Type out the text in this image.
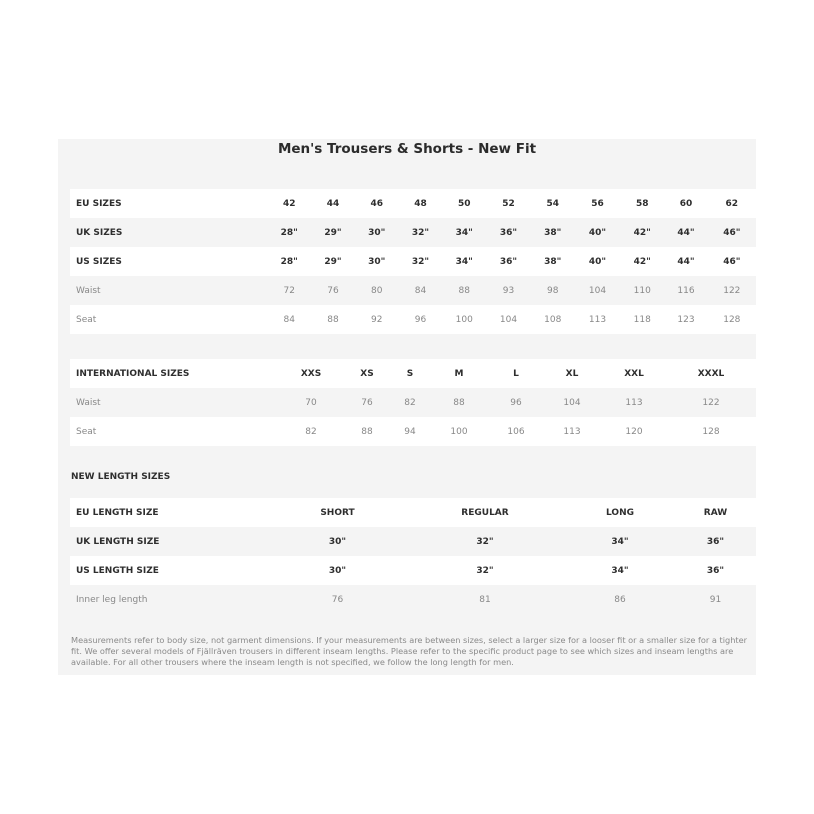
Men's Trousers & Shorts - New Fit
EU SIZES	42	44	46	48	50	52	54	56	58	60	62
UK SIZES	28"	29"	30"	32"	34"	36"	38"	40"	42"	44"	46"
US SIZES	28"	29"	30"	32"	34"	36"	38"	40"	42"	44"	46"
Waist	72	76	80	84	88	93	98	104	110	116	122
Seat	84	88	92	96	100	104	108	113	118	123	128
INTERNATIONAL SIZES	XXS	XS	S	M	L	XL	XXL	XXXL
Waist	70	76	82	88	96	104	113	122
Seat	82	88	94	100	106	113	120	128
NEW LENGTH SIZES
EU LENGTH SIZE	SHORT	REGULAR	LONG	RAW
UK LENGTH SIZE	30"	32"	34"	36"
US LENGTH SIZE	30"	32"	34"	36"
Inner leg length	76	81	86	91
Measurements refer to body size, not garment dimensions. If your measurements are between sizes, select a larger size for a looser fit or a smaller size for a tighter fit. We offer several models of Fjällräven trousers in different inseam lengths. Please refer to the specific product page to see which sizes and inseam lengths are available. For all other trousers where the inseam length is not specified, we follow the long length for men.
